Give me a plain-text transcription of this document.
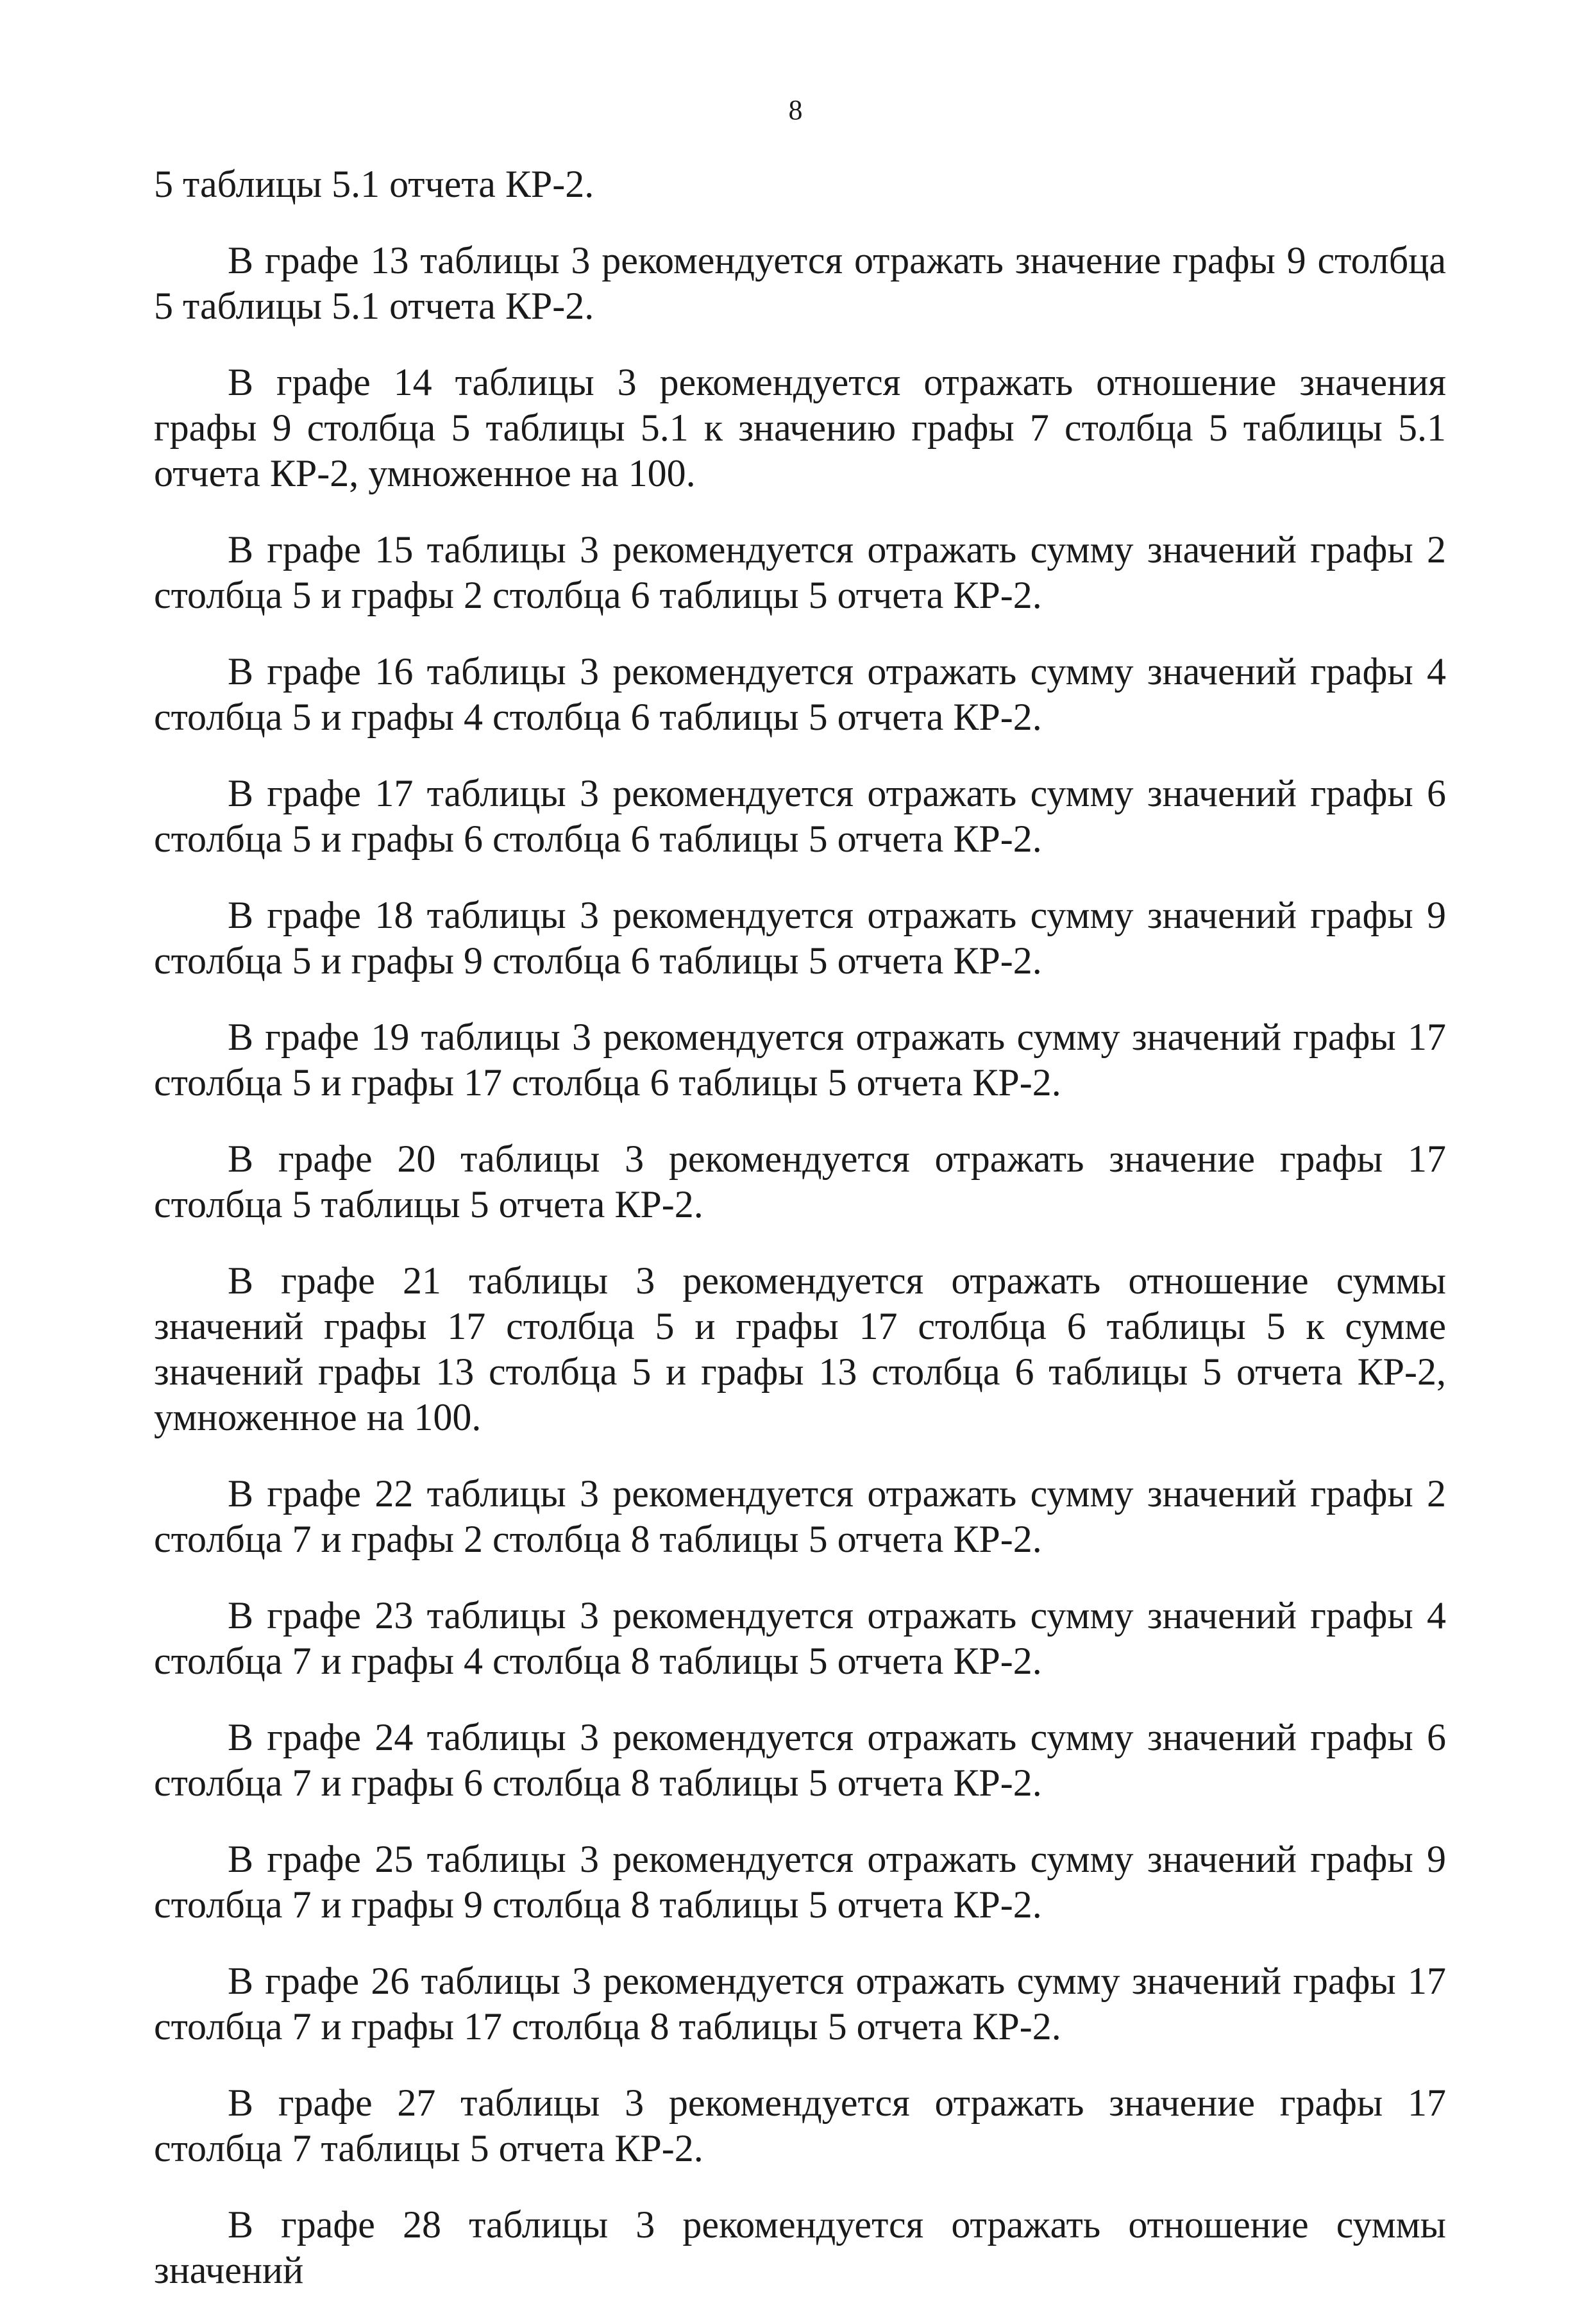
8

5 таблицы 5.1 отчета КР-2.

В графе 13 таблицы 3 рекомендуется отражать значение графы 9 столбца 5 таблицы 5.1 отчета КР-2.

В графе 14 таблицы 3 рекомендуется отражать отношение значения графы 9 столбца 5 таблицы 5.1 к значению графы 7 столбца 5 таблицы 5.1 отчета КР-2, умноженное на 100.

В графе 15 таблицы 3 рекомендуется отражать сумму значений графы 2 столбца 5 и графы 2 столбца 6 таблицы 5 отчета КР-2.

В графе 16 таблицы 3 рекомендуется отражать сумму значений графы 4 столбца 5 и графы 4 столбца 6 таблицы 5 отчета КР-2.

В графе 17 таблицы 3 рекомендуется отражать сумму значений графы 6 столбца 5 и графы 6 столбца 6 таблицы 5 отчета КР-2.

В графе 18 таблицы 3 рекомендуется отражать сумму значений графы 9 столбца 5 и графы 9 столбца 6 таблицы 5 отчета КР-2.

В графе 19 таблицы 3 рекомендуется отражать сумму значений графы 17 столбца 5 и графы 17 столбца 6 таблицы 5 отчета КР-2.

В графе 20 таблицы 3 рекомендуется отражать значение графы 17 столбца 5 таблицы 5 отчета КР-2.

В графе 21 таблицы 3 рекомендуется отражать отношение суммы значений графы 17 столбца 5 и графы 17 столбца 6 таблицы 5 к сумме значений графы 13 столбца 5 и графы 13 столбца 6 таблицы 5 отчета КР-2, умноженное на 100.

В графе 22 таблицы 3 рекомендуется отражать сумму значений графы 2 столбца 7 и графы 2 столбца 8 таблицы 5 отчета КР-2.

В графе 23 таблицы 3 рекомендуется отражать сумму значений графы 4 столбца 7 и графы 4 столбца 8 таблицы 5 отчета КР-2.

В графе 24 таблицы 3 рекомендуется отражать сумму значений графы 6 столбца 7 и графы 6 столбца 8 таблицы 5 отчета КР-2.

В графе 25 таблицы 3 рекомендуется отражать сумму значений графы 9 столбца 7 и графы 9 столбца 8 таблицы 5 отчета КР-2.

В графе 26 таблицы 3 рекомендуется отражать сумму значений графы 17 столбца 7 и графы 17 столбца 8 таблицы 5 отчета КР-2.

В графе 27 таблицы 3 рекомендуется отражать значение графы 17 столбца 7 таблицы 5 отчета КР-2.

В графе 28 таблицы 3 рекомендуется отражать отношение суммы значений
